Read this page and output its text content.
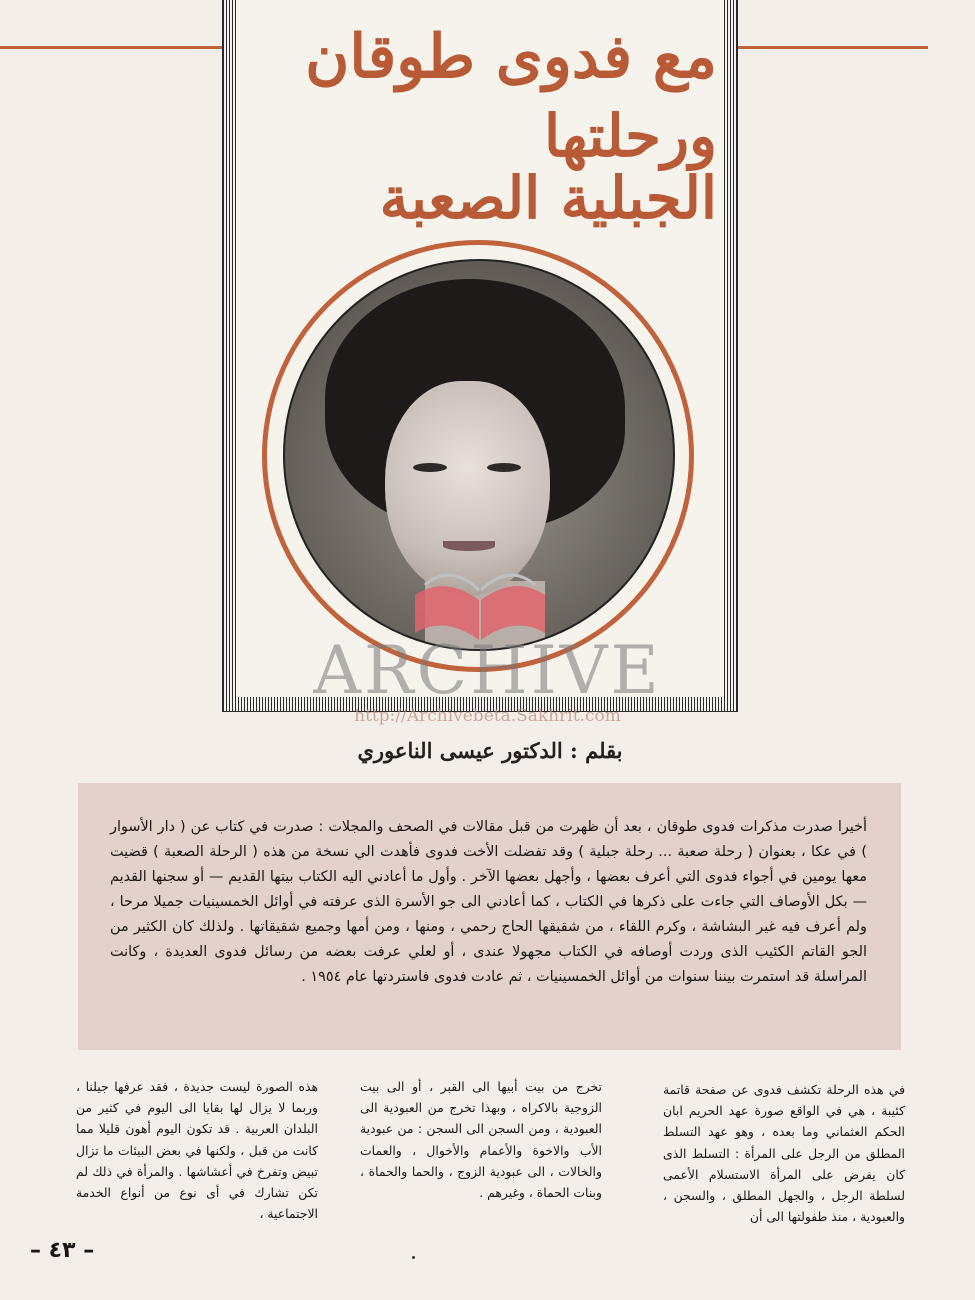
مع فدوى طوقان
ورحلتها
الجبلية الصعبة
ARCHIVE
http://Archivebeta.Sakhrit.com
بقلم : الدكتور عيسى الناعوري
أخيرا صدرت مذكرات فدوى طوقان ، بعد أن ظهرت من قبل مقالات في الصحف والمجلات : صدرت في كتاب عن ( دار الأسوار ) في عكا ، بعنوان ( رحلة صعبة ... رحلة جبلية ) وقد تفضلت الأخت فدوى فأهدت الي نسخة من هذه ( الرحلة الصعبة ) قضيت معها يومين في أجواء فدوى التي أعرف بعضها ، وأجهل بعضها الآخر . وأول ما أعادني اليه الكتاب بيتها القديم — أو سجنها القديم — بكل الأوصاف التي جاءت على ذكرها في الكتاب ، كما أعادني الى جو الأسرة الذى عرفته في أوائل الخمسينيات جميلا مرحا ، ولم أعرف فيه غير البشاشة ، وكرم اللقاء ، من شقيقها الحاج رحمي ، ومنها ، ومن أمها وجميع شقيقاتها . ولذلك كان الكثير من الجو القاتم الكئيب الذى وردت أوصافه في الكتاب مجهولا عندى ، أو لعلي عرفت بعضه من رسائل فدوى العديدة ، وكانت المراسلة قد استمرت بيننا سنوات من أوائل الخمسينيات ، ثم عادت فدوى فاستردتها عام ١٩٥٤ .
في هذه الرحلة تكشف فدوى عن صفحة قاتمة كئيبة ، هي في الواقع صورة عهد الحريم ابان الحكم العثماني وما بعده ، وهو عهد التسلط المطلق من الرجل على المرأة : التسلط الذى كان يفرض على المرأة الاستسلام الأعمى لسلطة الرجل ، والجهل المطلق ، والسجن ، والعبودية ، منذ طفولتها الى أن
تخرج من بيت أبيها الى القبر ، أو الى بيت الزوجية بالاكراه ، وبهذا تخرج من العبودية الى العبودية ، ومن السجن الى السجن : من عبودية الأب والاخوة والأعمام والأخوال ، والعمات والخالات ، الى عبودية الزوج ، والحما والحماة ، وبنات الحماة ، وغيرهم .
هذه الصورة ليست جديدة ، فقد عرفها جيلنا ، وربما لا يزال لها بقايا الى اليوم في كثير من البلدان العربية . قد تكون اليوم أهون قليلا مما كانت من قبل ، ولكنها في بعض البيئات ما تزال تبيض وتفرخ في أعشاشها . والمرأة في ذلك لم تكن تشارك في أى نوع من أنواع الخدمة الاجتماعية ،
– ٤٣ –
